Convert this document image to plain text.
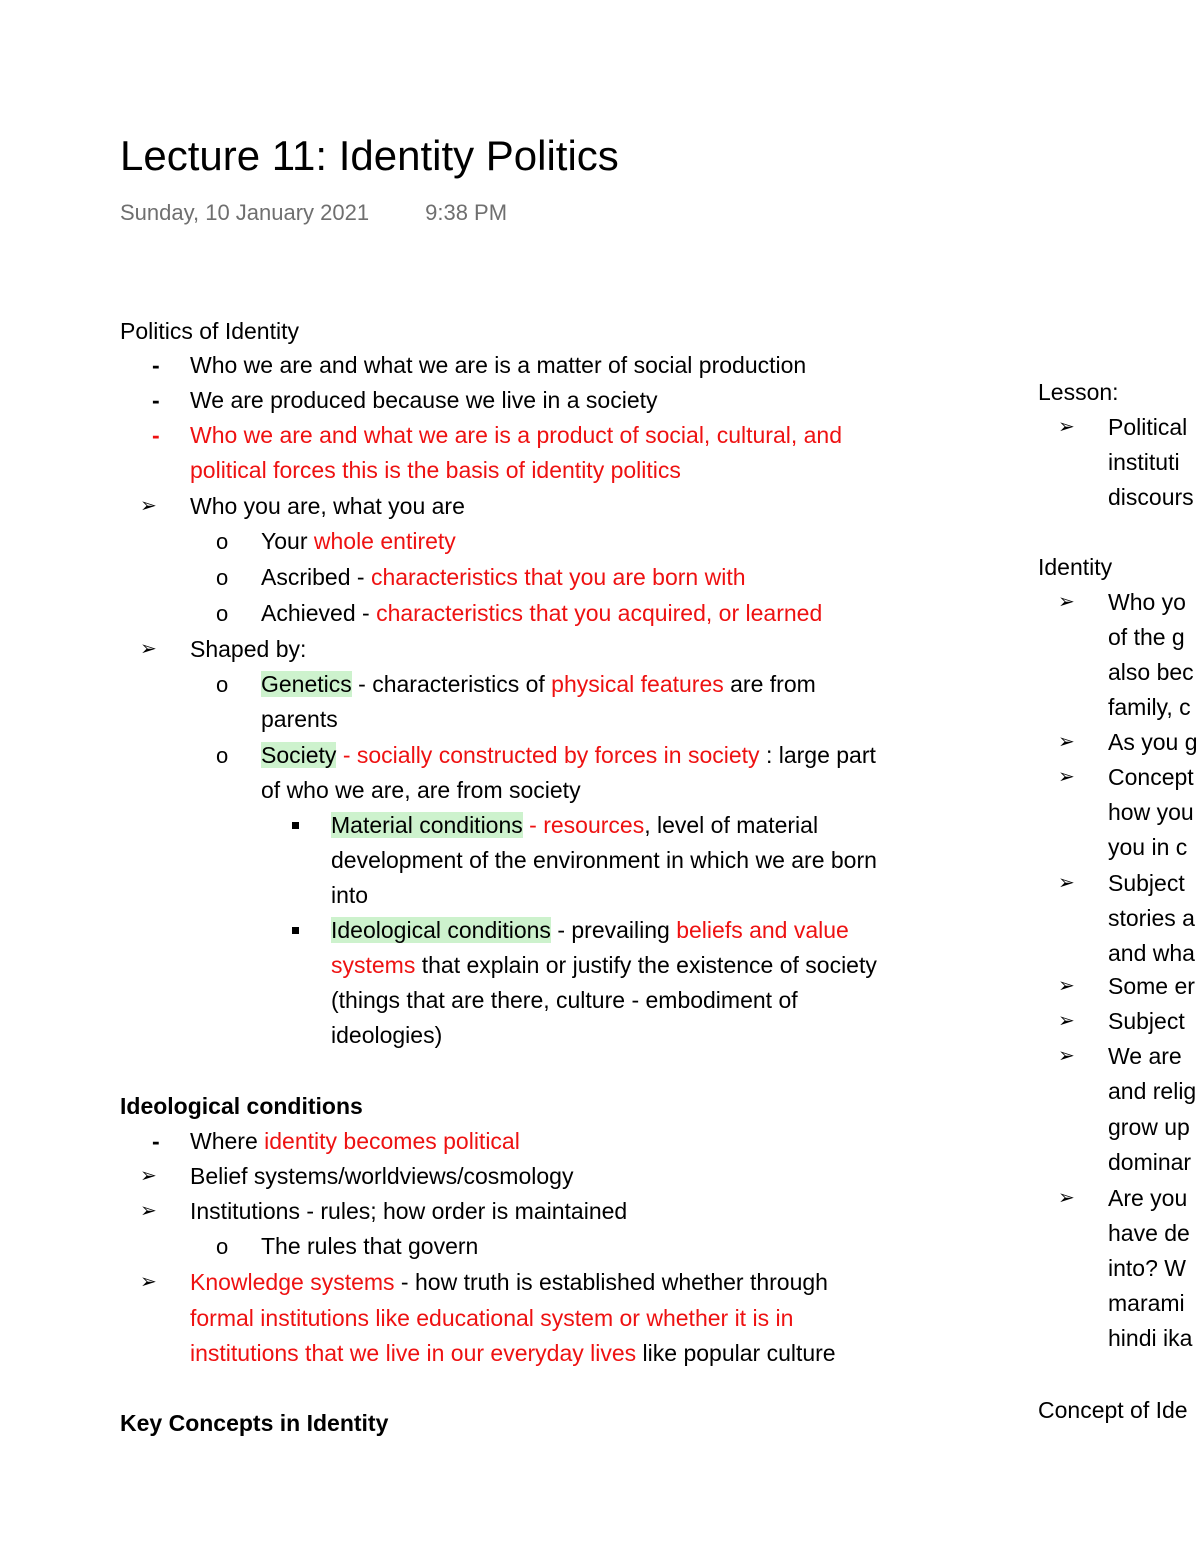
Lecture 11: Identity Politics
Sunday, 10 January 2021	9:38 PM
Politics of Identity
- Who we are and what we are is a matter of social production
- We are produced because we live in a society
- Who we are and what we are is a product of social, cultural, and
political forces this is the basis of identity politics
➢ Who you are, what you are
o Your whole entirety
o Ascribed - characteristics that you are born with
o Achieved - characteristics that you acquired, or learned
➢ Shaped by:
o Genetics - characteristics of physical features are from
parents
o Society - socially constructed by forces in society : large part
of who we are, are from society
Material conditions - resources, level of material
development of the environment in which we are born
into
Ideological conditions - prevailing beliefs and value
systems that explain or justify the existence of society
(things that are there, culture - embodiment of
ideologies)
Ideological conditions
- Where identity becomes political
➢ Belief systems/worldviews/cosmology
➢ Institutions - rules; how order is maintained
o The rules that govern
➢ Knowledge systems - how truth is established whether through
formal institutions like educational system or whether it is in
institutions that we live in our everyday lives like popular culture
Key Concepts in Identity
Lesson:
➢ Political
instituti
discours
Identity
➢ Who yo
of the g
also bec
family, c
➢ As you g
➢ Concept
how you
you in c
➢ Subject
stories a
and wha
➢ Some er
➢ Subject
➢ We are
and relig
grow up
dominar
➢ Are you
have de
into? W
marami
hindi ika
Concept of Ide
